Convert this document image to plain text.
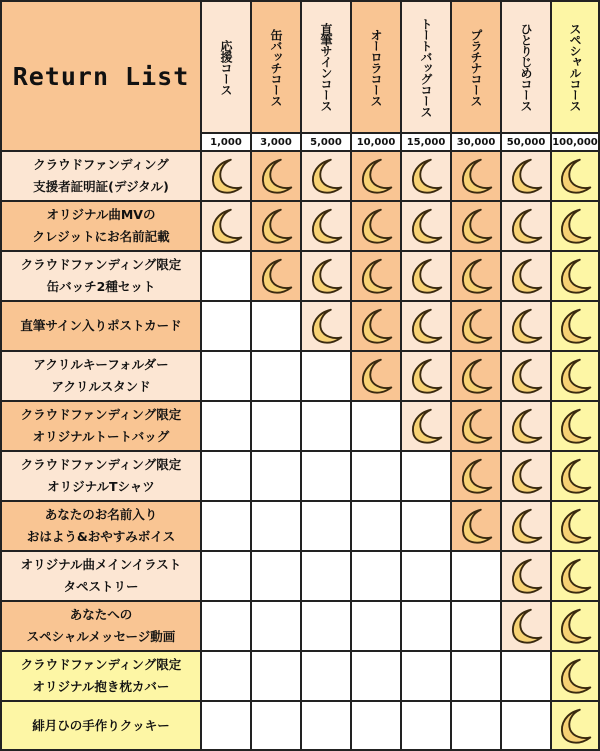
Return List 応援コース
1,000
缶バッチコース
3,000
直筆サインコース
5,000
オーロラコース
10,000
トートバッグコース
15,000
プラチナコース
30,000
ひとりじめコース
50,000
スペシャルコース
100,000
クラウドファンディング
支援者証明証(デジタル)
オリジナル曲MVの
クレジットにお名前記載
クラウドファンディング限定
缶バッチ2種セット
直筆サイン入りポストカード
アクリルキーフォルダー
アクリルスタンド
クラウドファンディング限定
オリジナルトートバッグ
クラウドファンディング限定
オリジナルTシャツ
あなたのお名前入り
おはよう&おやすみボイス
オリジナル曲メインイラスト
タペストリー
あなたへの
スペシャルメッセージ動画
クラウドファンディング限定
オリジナル抱き枕カバー
緋月ひの手作りクッキー
